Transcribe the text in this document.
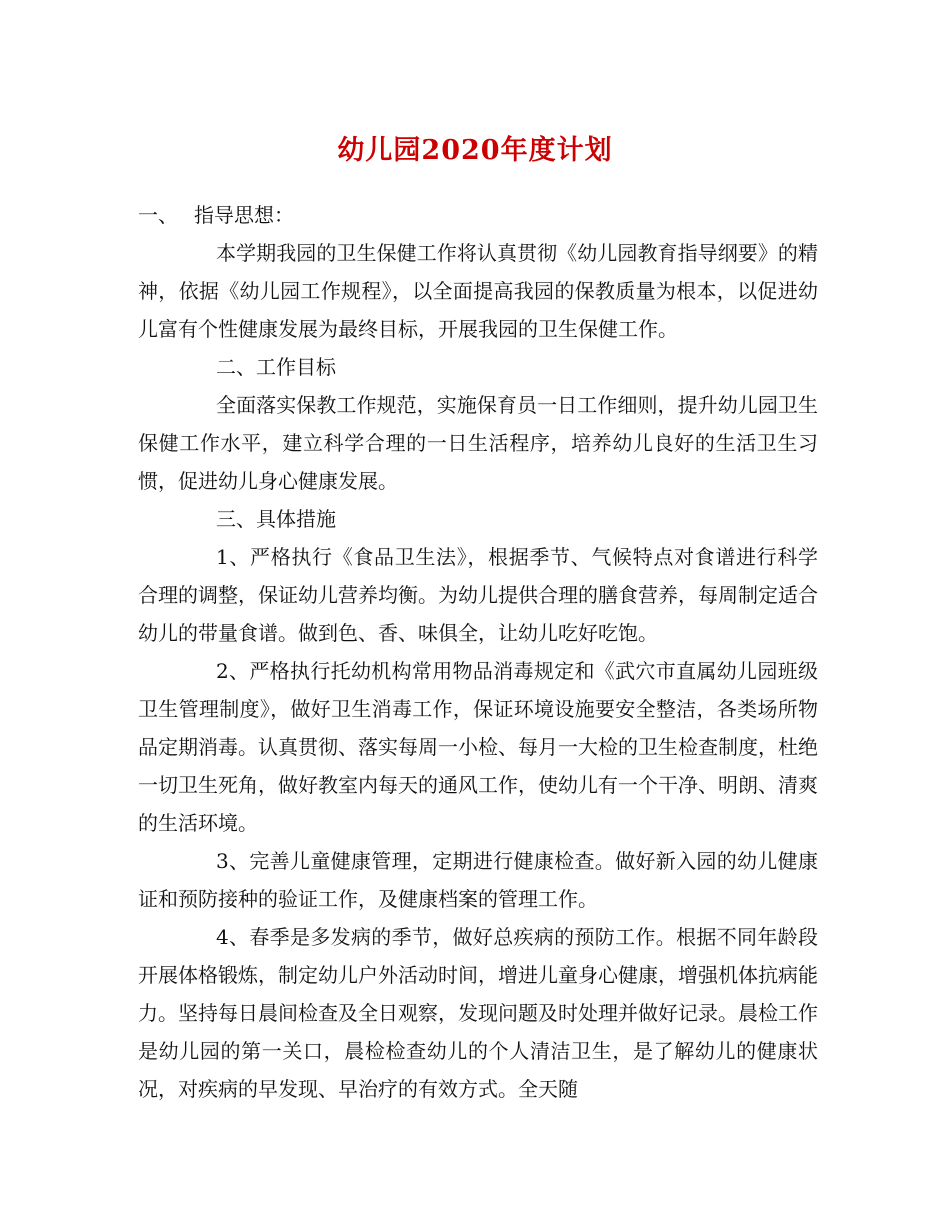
幼儿园2020年度计划

一、 指导思想：

本学期我园的卫生保健工作将认真贯彻《幼儿园教育指导纲要》的精神，依据《幼儿园工作规程》，以全面提高我园的保教质量为根本，以促进幼儿富有个性健康发展为最终目标，开展我园的卫生保健工作。

二、工作目标

全面落实保教工作规范，实施保育员一日工作细则，提升幼儿园卫生保健工作水平，建立科学合理的一日生活程序，培养幼儿良好的生活卫生习惯，促进幼儿身心健康发展。

三、具体措施

1、严格执行《食品卫生法》，根据季节、气候特点对食谱进行科学合理的调整，保证幼儿营养均衡。为幼儿提供合理的膳食营养，每周制定适合幼儿的带量食谱。做到色、香、味俱全，让幼儿吃好吃饱。

2、严格执行托幼机构常用物品消毒规定和《武穴市直属幼儿园班级卫生管理制度》，做好卫生消毒工作，保证环境设施要安全整洁，各类场所物品定期消毒。认真贯彻、落实每周一小检、每月一大检的卫生检查制度，杜绝一切卫生死角，做好教室内每天的通风工作，使幼儿有一个干净、明朗、清爽的生活环境。

3、完善儿童健康管理，定期进行健康检查。做好新入园的幼儿健康证和预防接种的验证工作，及健康档案的管理工作。

4、春季是多发病的季节，做好总疾病的预防工作。根据不同年龄段开展体格锻炼，制定幼儿户外活动时间，增进儿童身心健康，增强机体抗病能力。坚持每日晨间检查及全日观察，发现问题及时处理并做好记录。晨检工作是幼儿园的第一关口，晨检检查幼儿的个人清洁卫生，是了解幼儿的健康状况，对疾病的早发现、早治疗的有效方式。全天随
